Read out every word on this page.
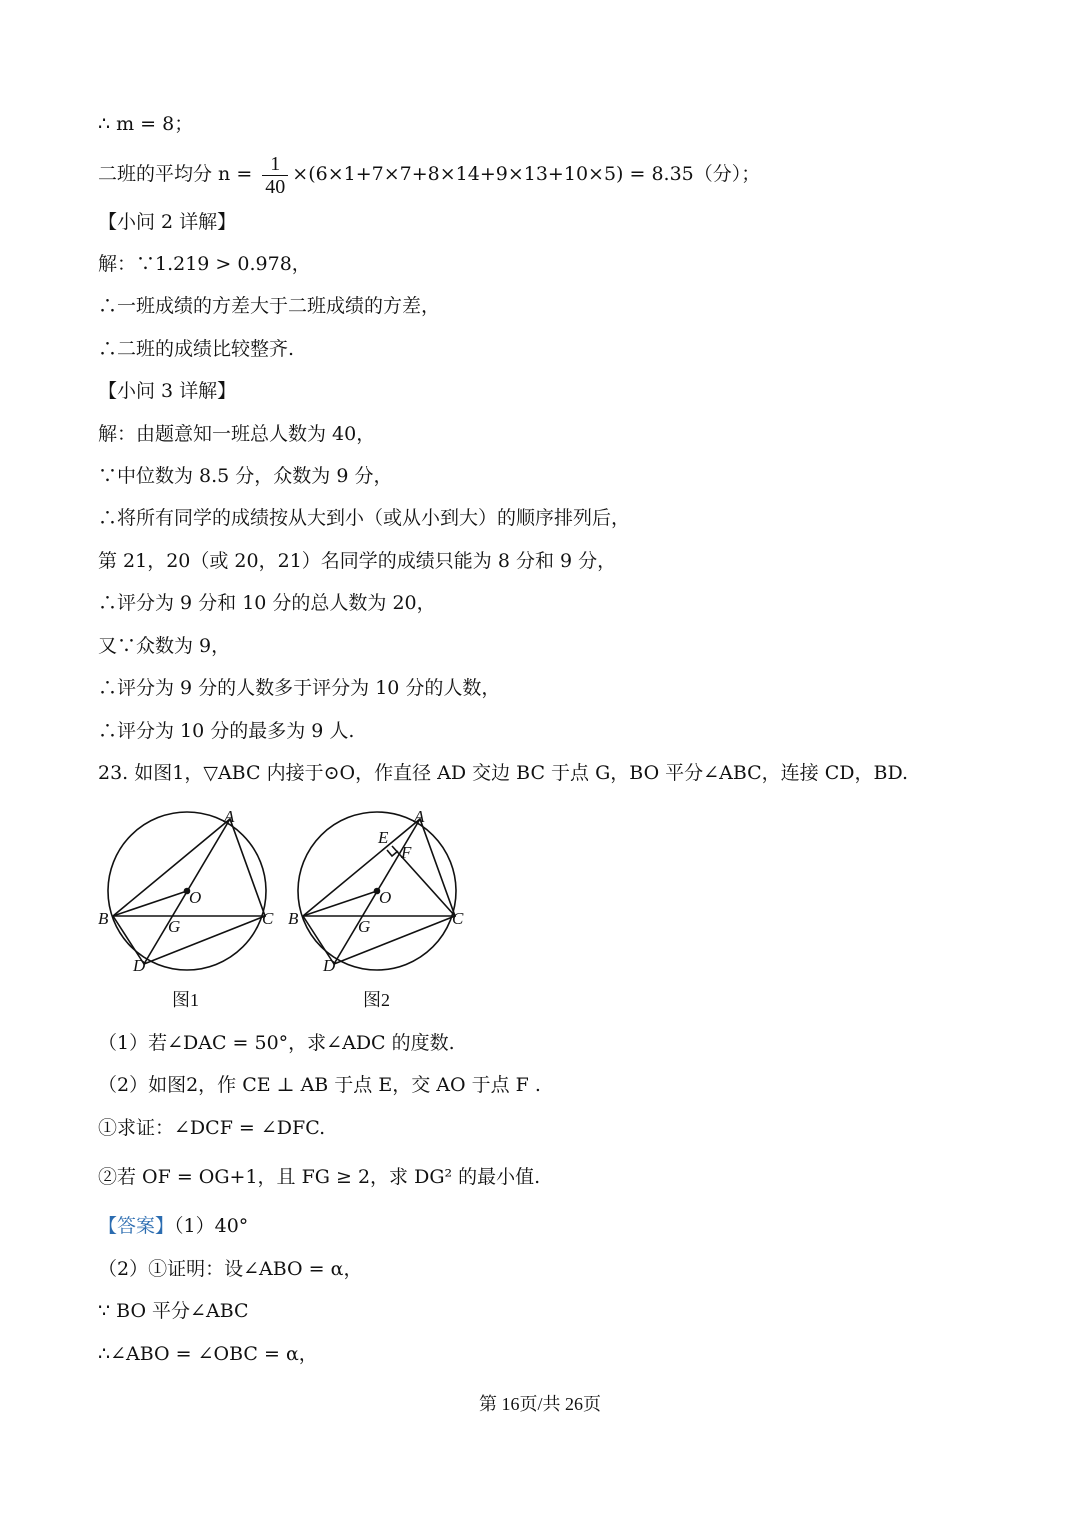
∴ m = 8；
二班的平均分 $n = \frac{1}{40} \times(6\times 1+7\times 7+8\times 14+9\times 13+10\times 5) = 8.35$（分）；
【小问 2 详解】
解：∵1.219 > 0.978，
∴一班成绩的方差大于二班成绩的方差，
∴二班的成绩比较整齐.
【小问 3 详解】
解：由题意知一班总人数为 40，
∵中位数为 8.5 分，众数为 9 分，
∴将所有同学的成绩按从大到小（或从小到大）的顺序排列后，
第 21，20（或 20，21）名同学的成绩只能为 8 分和 9 分，
∴评分为 9 分和 10 分的总人数为 20，
又∵众数为 9，
∴评分为 9 分的人数多于评分为 10 分的人数，
∴评分为 10 分的最多为 9 人.
23. 如图1，▽ABC 内接于⊙O，作直径 AD 交边 BC 于点 G，BO 平分∠ABC，连接 CD，BD.
A
B	C
D
O
G
A
B	C
D
O
G
E
F
图1	图2
（1）若∠DAC = 50°，求∠ADC 的度数.
（2）如图2，作 CE ⊥ AB 于点 E，交 AO 于点 F .
①求证：∠DCF = ∠DFC.
②若 OF = OG+1，且 FG ≥ 2，求 DG² 的最小值.
【答案】（1）40°
（2）①证明：设∠ABO = α，
∵ BO 平分∠ABC
∴∠ABO = ∠OBC = α，
第 16页/共 26页
